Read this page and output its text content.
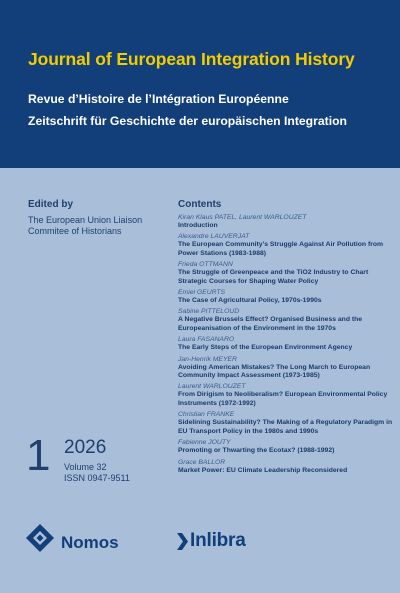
Journal of European Integration History
Revue d’Histoire de l’Intégration Européenne
Zeitschrift für Geschichte der europäischen Integration
Edited by
The European Union Liaison
Commitee of Historians
Contents
Kiran Klaus PATEL, Laurent WARLOUZET
Introduction
Alexandre LAUVERJAT
The European Community’s Struggle Against Air Pollution from Power Stations (1983-1988)
Frieda OTTMANN
The Struggle of Greenpeace and the TiO2 Industry to Chart Strategic Courses for Shaping Water Policy
Emiel GEURTS
The Case of Agricultural Policy, 1970s-1990s
Sabine PITTELOUD
A Negative Brussels Effect? Organised Business and the Europeanisation of the Environment in the 1970s
Laura FASANARO
The Early Steps of the European Environment Agency
Jan-Henrik MEYER
Avoiding American Mistakes? The Long March to European Community Impact Assessment (1973-1985)
Laurent WARLOUZET
From Dirigism to Neoliberalism? European Environmental Policy Instruments (1972-1992)
Christian FRANKE
Sidelining Sustainability? The Making of a Regulatory Paradigm in EU Transport Policy in the 1980s and 1990s
Fabienne JOUTY
Promoting or Thwarting the Ecotax? (1988-1992)
Grace BALLOR
Market Power: EU Climate Leadership Reconsidered
1 2026
Volume 32
ISSN 0947-9511
Nomos	Inlibra
